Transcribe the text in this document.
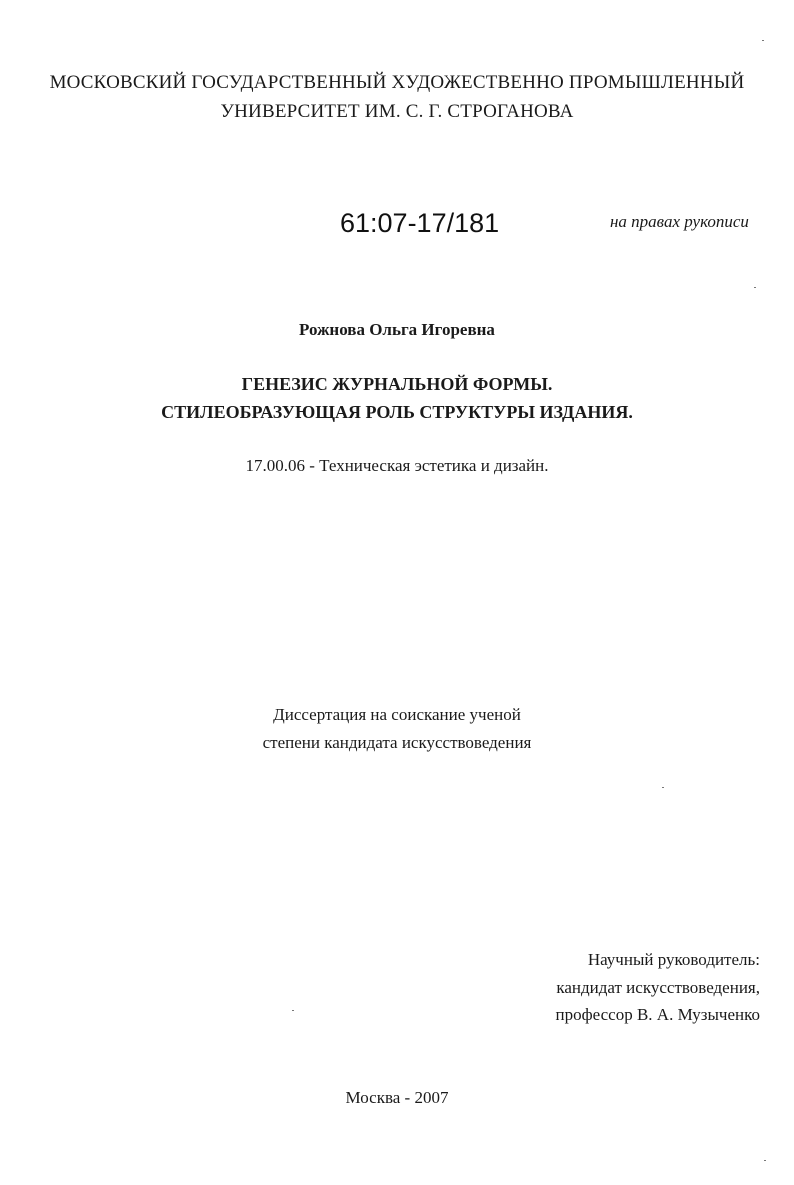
МОСКОВСКИЙ ГОСУДАРСТВЕННЫЙ ХУДОЖЕСТВЕННО ПРОМЫШЛЕННЫЙ
УНИВЕРСИТЕТ ИМ. С. Г. СТРОГАНОВА
61:07-17/181	на правах рукописи
Рожнова Ольга Игоревна
ГЕНЕЗИС ЖУРНАЛЬНОЙ ФОРМЫ.
СТИЛЕОБРАЗУЮЩАЯ РОЛЬ СТРУКТУРЫ ИЗДАНИЯ.
17.00.06 - Техническая эстетика и дизайн.
Диссертация на соискание ученой
степени кандидата искусствоведения
Научный руководитель:
кандидат искусствоведения,
профессор В. А. Музыченко
Москва - 2007
